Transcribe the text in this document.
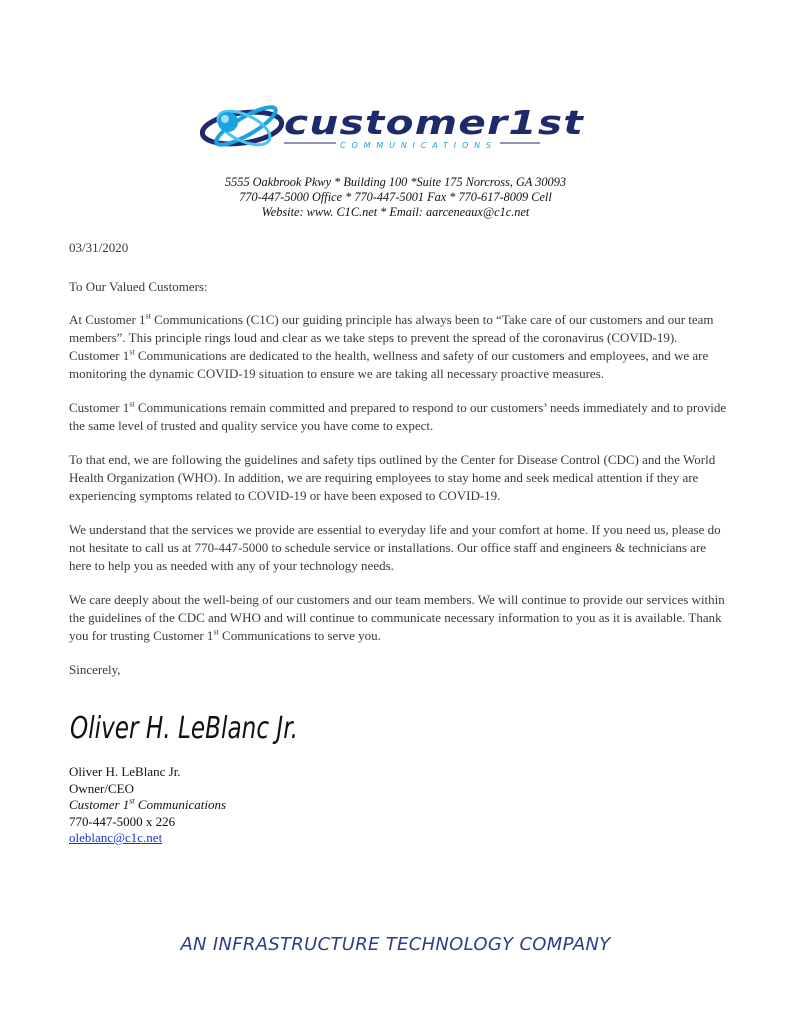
customer1st
COMMUNICATIONS
5555 Oakbrook Pkwy * Building 100 *Suite 175 Norcross, GA 30093
770-447-5000 Office * 770-447-5001 Fax * 770-617-8009 Cell
Website: www. C1C.net * Email: aarceneaux@c1c.net

03/31/2020

To Our Valued Customers:

At Customer 1st Communications (C1C) our guiding principle has always been to “Take care of our customers and our team members”. This principle rings loud and clear as we take steps to prevent the spread of the coronavirus (COVID-19). Customer 1st Communications are dedicated to the health, wellness and safety of our customers and employees, and we are monitoring the dynamic COVID-19 situation to ensure we are taking all necessary proactive measures.

Customer 1st Communications remain committed and prepared to respond to our customers’ needs immediately and to provide the same level of trusted and quality service you have come to expect.

To that end, we are following the guidelines and safety tips outlined by the Center for Disease Control (CDC) and the World Health Organization (WHO). In addition, we are requiring employees to stay home and seek medical attention if they are experiencing symptoms related to COVID-19 or have been exposed to COVID-19.

We understand that the services we provide are essential to everyday life and your comfort at home. If you need us, please do not hesitate to call us at 770-447-5000 to schedule service or installations. Our office staff and engineers & technicians are here to help you as needed with any of your technology needs.

We care deeply about the well-being of our customers and our team members. We will continue to provide our services within the guidelines of the CDC and WHO and will continue to communicate necessary information to you as it is available. Thank you for trusting Customer 1st Communications to serve you.

Sincerely,

Oliver H. LeBlanc Jr.
Oliver H. LeBlanc Jr.
Owner/CEO
Customer 1st Communications
770-447-5000 x 226
oleblanc@c1c.net
AN INFRASTRUCTURE TECHNOLOGY COMPANY
